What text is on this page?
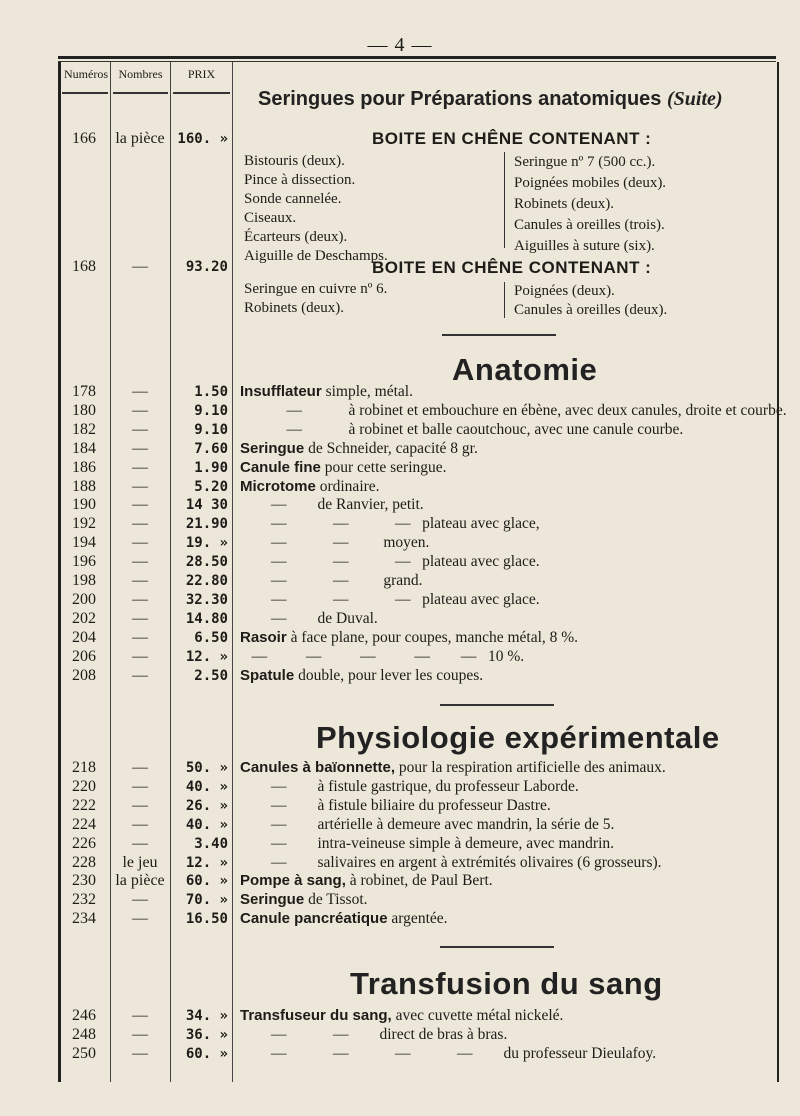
— 4 —
Numéros Nombres	PRIX
Seringues pour Préparations anatomiques (Suite)
166	la pièce 160. »	BOITE EN CHÊNE CONTENANT :
Bistouris (deux).
Pince à dissection.
Sonde cannelée.
Ciseaux.
Écarteurs (deux).
Aiguille de Deschamps.
Seringue nº 7 (500 cc.).
Poignées mobiles (deux).
Robinets (deux).
Canules à oreilles (trois).
Aiguilles à suture (six).
168	—	93.20	BOITE EN CHÊNE CONTENANT :
Seringue en cuivre nº 6.
Robinets (deux).
Poignées (deux).
Canules à oreilles (deux).
Anatomie
178	—	1.50 Insufflateur simple, métal.
180	—	9.10 —            à robinet et embouchure en ébène, avec deux canules, droite et courbe.
182	—	9.10 —            à robinet et balle caoutchouc, avec une canule courbe.
184	—	7.60 Seringue de Schneider, capacité 8 gr.
186	—	1.90 Canule fine pour cette seringue.
188	—	5.20 Microtome ordinaire.
190	—	14 30 —        de Ranvier, petit.
192	—	21.90 —            —            —   plateau avec glace,
194	—	19. » —            —         moyen.
196	—	28.50 —            —            —   plateau avec glace.
198	—	22.80 —            —         grand.
200	—	32.30 —            —            —   plateau avec glace.
202	—	14.80 —        de Duval.
204	—	6.50 Rasoir à face plane, pour coupes, manche métal, 8 %.
206	—	12. » —          —          —          —        —   10 %.
208	—	2.50 Spatule double, pour lever les coupes.
Physiologie expérimentale
218	—	50. » Canules à baïonnette, pour la respiration artificielle des animaux.
220	—	40. » —        à fistule gastrique, du professeur Laborde.
222	—	26. » —        à fistule biliaire du professeur Dastre.
224	—	40. » —        artérielle à demeure avec mandrin, la série de 5.
226	—	3.40 —        intra-veineuse simple à demeure, avec mandrin.
228	le jeu	12. » —        salivaires en argent à extrémités olivaires (6 grosseurs).
230	la pièce	60. » Pompe à sang, à robinet, de Paul Bert.
232	—	70. » Seringue de Tissot.
234	—	16.50 Canule pancréatique argentée.
Transfusion du sang
246	—	34. » Transfuseur du sang, avec cuvette métal nickelé.
248	—	36. » —            —        direct de bras à bras.
250	—	60. » —            —            —            —        du professeur Dieulafoy.
